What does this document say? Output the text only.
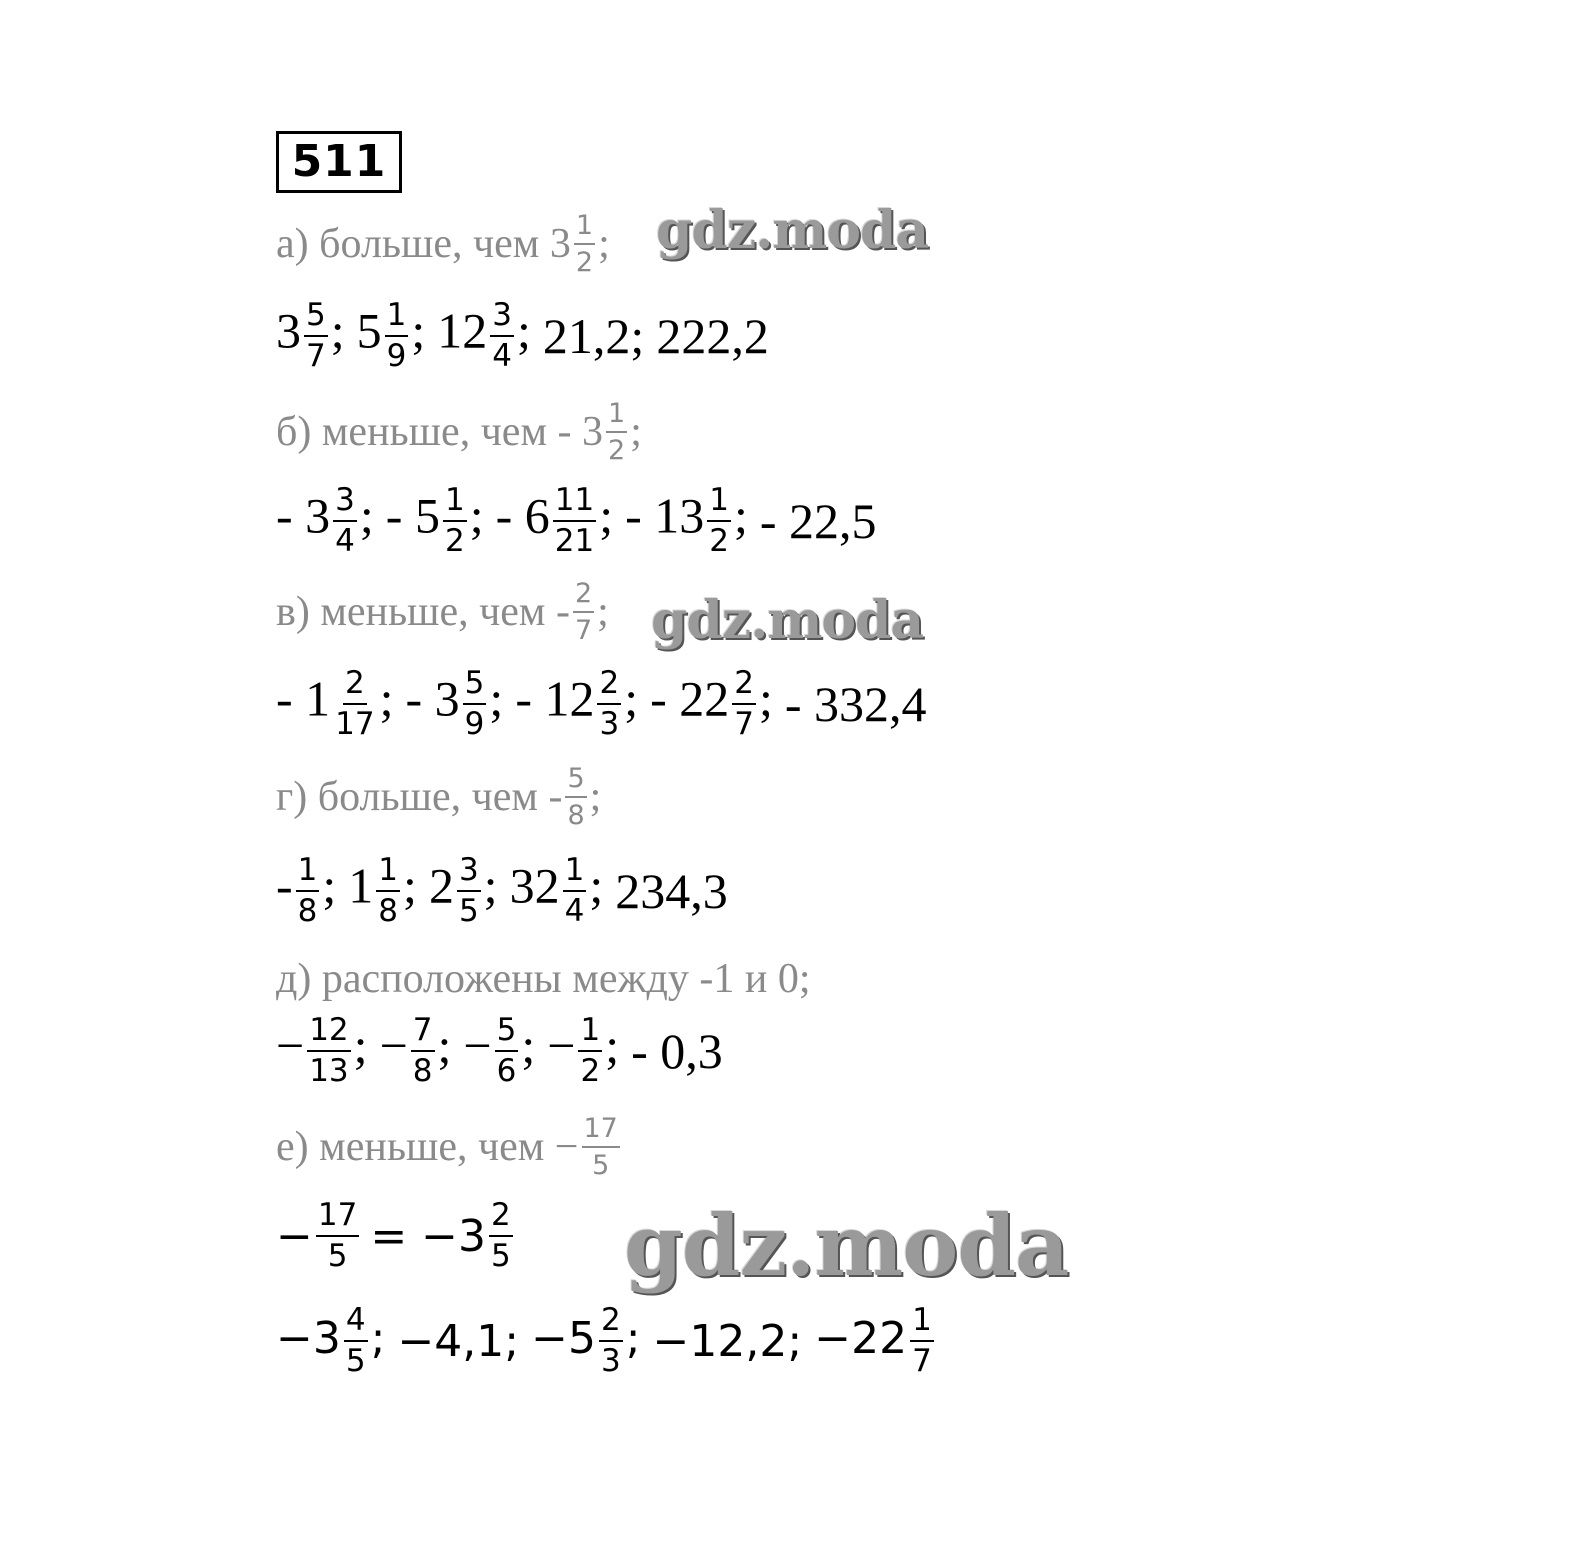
511
а) больше, чем $3 \frac{1}{2}$ ;
$3 \frac{5}{7}$ ; $5 \frac{1}{9}$ ; $12 \frac{3}{4}$ ; 21,2; 222,2
б) меньше, чем - $3 \frac{1}{2}$ ;
- $3 \frac{3}{4}$ ; - $5 \frac{1}{2}$ ; - $6 \frac{11}{21}$ ; - $13 \frac{1}{2}$ ; - 22,5
в) меньше, чем - $\frac{2}{7}$ ;
- $1 \frac{2}{17}$ ; - $3 \frac{5}{9}$ ; - $12 \frac{2}{3}$ ; - $22 \frac{2}{7}$ ; - 332,4
г) больше, чем - $\frac{5}{8}$ ;
- $\frac{1}{8}$ ; $1 \frac{1}{8}$ ; $2 \frac{3}{5}$ ; $32 \frac{1}{4}$ ; 234,3
д) расположены между -1 и 0;
− $\frac{12}{13}$ ; − $\frac{7}{8}$ ; − $\frac{5}{6}$ ; − $\frac{1}{2}$ ; - 0,3
е) меньше, чем − $\frac{17}{5}$
− $\frac{17}{5} = -3 \frac{2}{5}$
$-3 \frac{4}{5}$ ; −4,1; $-5 \frac{2}{3}$ ; −12,2; $-22 \frac{1}{7}$
gdz.moda
gdz.moda
gdz.moda
